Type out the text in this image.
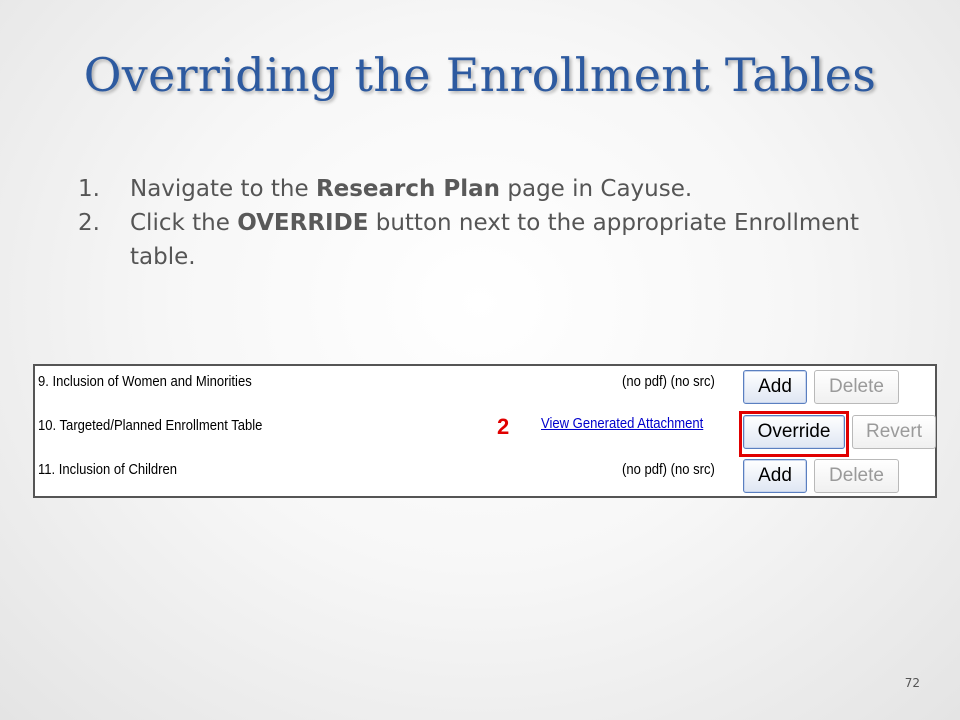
Overriding the Enrollment Tables
1. Navigate to the Research Plan page in Cayuse.
2. Click the OVERRIDE button next to the appropriate Enrollment table.
9. Inclusion of Women and Minorities	(no pdf) (no src)	Add	Delete
10. Targeted/Planned Enrollment Table	2 View Generated Attachment	Override	Revert
11. Inclusion of Children	(no pdf) (no src)	Add	Delete
72
